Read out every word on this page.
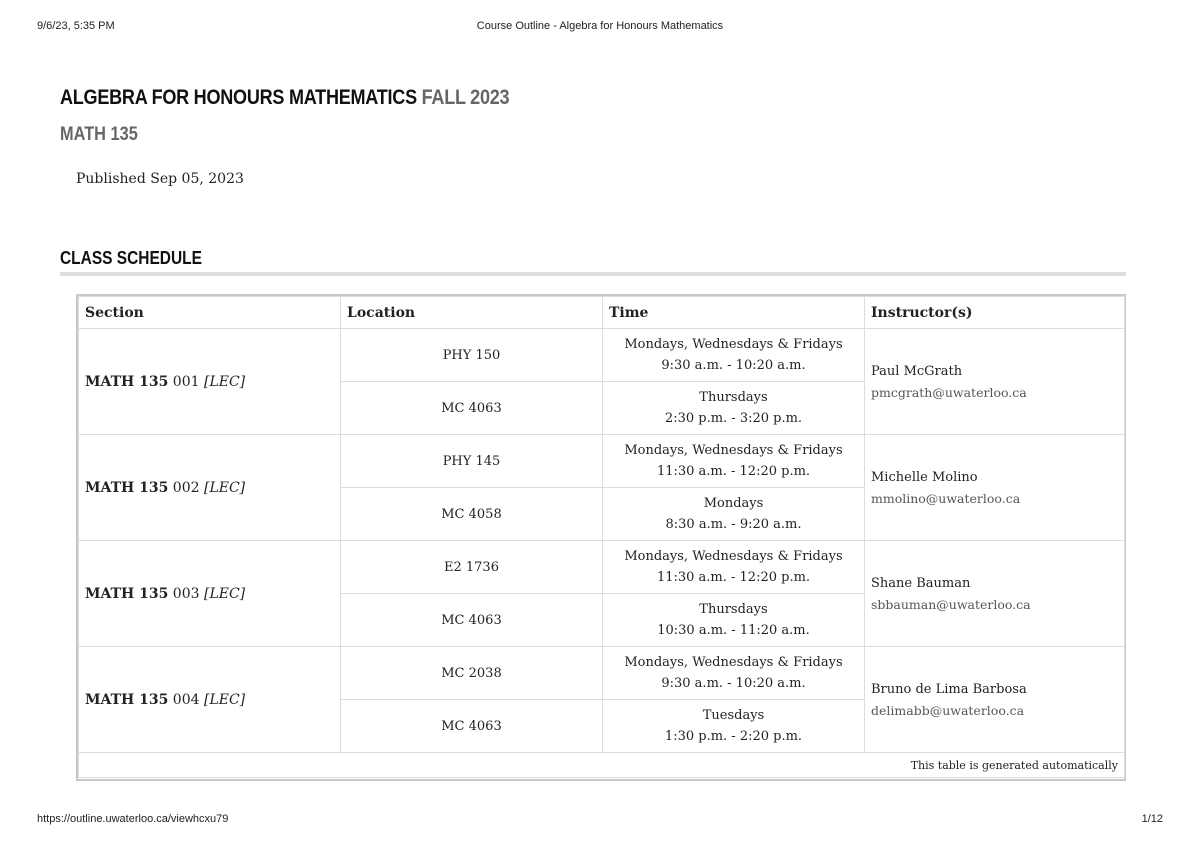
9/6/23, 5:35 PM	Course Outline - Algebra for Honours Mathematics
ALGEBRA FOR HONOURS MATHEMATICS FALL 2023
MATH 135
Published Sep 05, 2023
CLASS SCHEDULE
Section	Location	Time	Instructor(s)
MATH 135 001 [LEC]	PHY 150	Mondays, Wednesdays & Fridays
9:30 a.m. - 10:20 a.m.	Paul McGrath
pmcgrath@uwaterloo.ca

	MC 4063	Thursdays
2:30 p.m. - 3:20 p.m.	

MATH 135 002 [LEC]	PHY 145	Mondays, Wednesdays & Fridays
11:30 a.m. - 12:20 p.m.	Michelle Molino
mmolino@uwaterloo.ca

	MC 4058	Mondays
8:30 a.m. - 9:20 a.m.	

MATH 135 003 [LEC]	E2 1736	Mondays, Wednesdays & Fridays
11:30 a.m. - 12:20 p.m.	Shane Bauman
sbbauman@uwaterloo.ca

	MC 4063	Thursdays
10:30 a.m. - 11:20 a.m.	

MATH 135 004 [LEC]	MC 2038	Mondays, Wednesdays & Fridays
9:30 a.m. - 10:20 a.m.	Bruno de Lima Barbosa
delimabb@uwaterloo.ca

	MC 4063	Tuesdays
1:30 p.m. - 2:20 p.m.	

This table is generated automatically			
https://outline.uwaterloo.ca/viewhcxu79	1/12
